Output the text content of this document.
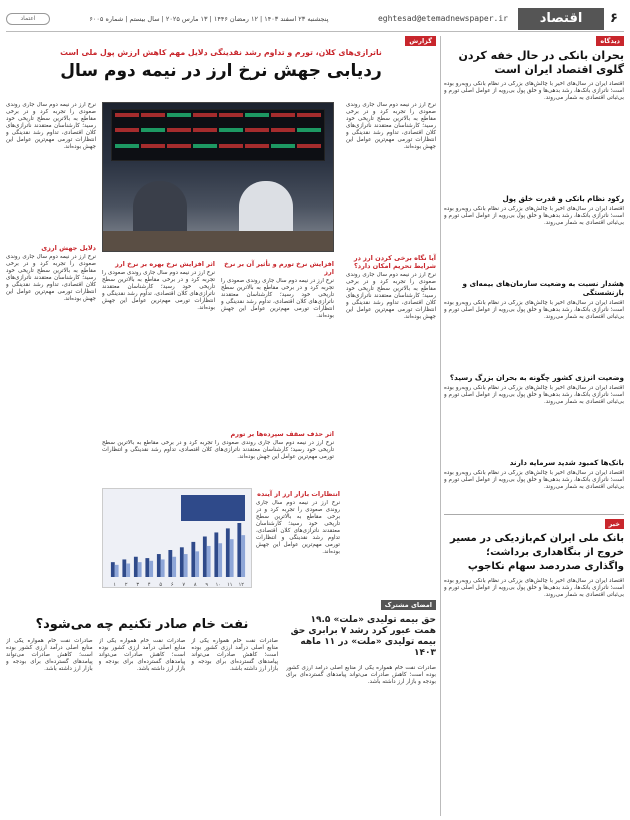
۶
اقتصاد
eghtesad@etemadnewspaper.ir
پنجشنبه ۲۳ اسفند ۱۴۰۳ | ۱۲ رمضان ۱۴۴۶ | ۱۳ مارس ۲۰۲۵ | سال بیستم | شماره ۶۰۰۵
اعتماد
دیدگاه
بحران بانکی در حال خفه کردن گلوی اقتصاد ایران است
اقتصاد ایران در سال‌های اخیر با چالش‌های بزرگی در نظام بانکی روبه‌رو بوده است؛ ناترازی بانک‌ها، رشد بدهی‌ها و خلق پول بی‌رویه از عوامل اصلی تورم و بی‌ثباتی اقتصادی به شمار می‌روند.
رکود نظام بانکی و قدرت خلق پول
اقتصاد ایران در سال‌های اخیر با چالش‌های بزرگی در نظام بانکی روبه‌رو بوده است؛ ناترازی بانک‌ها، رشد بدهی‌ها و خلق پول بی‌رویه از عوامل اصلی تورم و بی‌ثباتی اقتصادی به شمار می‌روند.
هشدار نسبت به وضعیت سازمان‌های بیمه‌ای و بازنشستگی
اقتصاد ایران در سال‌های اخیر با چالش‌های بزرگی در نظام بانکی روبه‌رو بوده است؛ ناترازی بانک‌ها، رشد بدهی‌ها و خلق پول بی‌رویه از عوامل اصلی تورم و بی‌ثباتی اقتصادی به شمار می‌روند.
وضعیت انرژی کشور چگونه به بحران بزرگ رسید؟
اقتصاد ایران در سال‌های اخیر با چالش‌های بزرگی در نظام بانکی روبه‌رو بوده است؛ ناترازی بانک‌ها، رشد بدهی‌ها و خلق پول بی‌رویه از عوامل اصلی تورم و بی‌ثباتی اقتصادی به شمار می‌روند.
بانک‌ها کمبود شدید سرمایه دارند
اقتصاد ایران در سال‌های اخیر با چالش‌های بزرگی در نظام بانکی روبه‌رو بوده است؛ ناترازی بانک‌ها، رشد بدهی‌ها و خلق پول بی‌رویه از عوامل اصلی تورم و بی‌ثباتی اقتصادی به شمار می‌روند.
خبر
بانک ملی ایران کم‌بازدیکی در مسیر خروج از بنگاهداری برداشت؛ واگذاری صدردصد سهام نکاجوپ
اقتصاد ایران در سال‌های اخیر با چالش‌های بزرگی در نظام بانکی روبه‌رو بوده است؛ ناترازی بانک‌ها، رشد بدهی‌ها و خلق پول بی‌رویه از عوامل اصلی تورم و بی‌ثباتی اقتصادی به شمار می‌روند.
گزارش
ناترازی‌های کلان، تورم و تداوم رشد نقدینگی دلایل مهم کاهش ارزش پول ملی است
ردیابی جهش نرخ ارز در نیمه دوم سال
نرخ ارز در نیمه دوم سال جاری روندی صعودی را تجربه کرد و در برخی مقاطع به بالاترین سطح تاریخی خود رسید؛ کارشناسان معتقدند ناترازی‌های کلان اقتصادی، تداوم رشد نقدینگی و انتظارات تورمی مهم‌ترین عوامل این جهش بوده‌اند.
آیا نگاه برخی کردن ارز در شرایط تحریم امکان دارد؟
نرخ ارز در نیمه دوم سال جاری روندی صعودی را تجربه کرد و در برخی مقاطع به بالاترین سطح تاریخی خود رسید؛ کارشناسان معتقدند ناترازی‌های کلان اقتصادی، تداوم رشد نقدینگی و انتظارات تورمی مهم‌ترین عوامل این جهش بوده‌اند.
نرخ ارز در نیمه دوم سال جاری روندی صعودی را تجربه کرد و در برخی مقاطع به بالاترین سطح تاریخی خود رسید؛ کارشناسان معتقدند ناترازی‌های کلان اقتصادی، تداوم رشد نقدینگی و انتظارات تورمی مهم‌ترین عوامل این جهش بوده‌اند.
دلایل جهش ارزی
نرخ ارز در نیمه دوم سال جاری روندی صعودی را تجربه کرد و در برخی مقاطع به بالاترین سطح تاریخی خود رسید؛ کارشناسان معتقدند ناترازی‌های کلان اقتصادی، تداوم رشد نقدینگی و انتظارات تورمی مهم‌ترین عوامل این جهش بوده‌اند.
افزایش نرخ تورم و تأثیر آن بر نرخ ارز
نرخ ارز در نیمه دوم سال جاری روندی صعودی را تجربه کرد و در برخی مقاطع به بالاترین سطح تاریخی خود رسید؛ کارشناسان معتقدند ناترازی‌های کلان اقتصادی، تداوم رشد نقدینگی و انتظارات تورمی مهم‌ترین عوامل این جهش بوده‌اند.
اثر افزایش نرخ بهره بر نرخ ارز
نرخ ارز در نیمه دوم سال جاری روندی صعودی را تجربه کرد و در برخی مقاطع به بالاترین سطح تاریخی خود رسید؛ کارشناسان معتقدند ناترازی‌های کلان اقتصادی، تداوم رشد نقدینگی و انتظارات تورمی مهم‌ترین عوامل این جهش بوده‌اند.
اثر حذف سقف سپرده‌ها بر تورم
نرخ ارز در نیمه دوم سال جاری روندی صعودی را تجربه کرد و در برخی مقاطع به بالاترین سطح تاریخی خود رسید؛ کارشناسان معتقدند ناترازی‌های کلان اقتصادی، تداوم رشد نقدینگی و انتظارات تورمی مهم‌ترین عوامل این جهش بوده‌اند.
۱ ۲ ۳ ۴ ۵ ۶ ۷ ۸ ۹ ۱۰ ۱۱ ۱۲
انتظارات بازار ارز از آینده
نرخ ارز در نیمه دوم سال جاری روندی صعودی را تجربه کرد و در برخی مقاطع به بالاترین سطح تاریخی خود رسید؛ کارشناسان معتقدند ناترازی‌های کلان اقتصادی، تداوم رشد نقدینگی و انتظارات تورمی مهم‌ترین عوامل این جهش بوده‌اند.
امضای مشترک
حق بیمه تولیدی «ملت» ۱۹.۵ همت عبور کرد رشد ۷ برابری حق بیمه تولیدی «ملت» در ۱۱ ماهه ۱۴۰۳
صادرات نفت خام همواره یکی از منابع اصلی درآمد ارزی کشور بوده است؛ کاهش صادرات می‌تواند پیامدهای گسترده‌ای برای بودجه و بازار ارز داشته باشد.
نفت خام صادر تکنیم چه می‌شود؟
صادرات نفت خام همواره یکی از منابع اصلی درآمد ارزی کشور بوده است؛ کاهش صادرات می‌تواند پیامدهای گسترده‌ای برای بودجه و بازار ارز داشته باشد.
صادرات نفت خام همواره یکی از منابع اصلی درآمد ارزی کشور بوده است؛ کاهش صادرات می‌تواند پیامدهای گسترده‌ای برای بودجه و بازار ارز داشته باشد.
صادرات نفت خام همواره یکی از منابع اصلی درآمد ارزی کشور بوده است؛ کاهش صادرات می‌تواند پیامدهای گسترده‌ای برای بودجه و بازار ارز داشته باشد.
